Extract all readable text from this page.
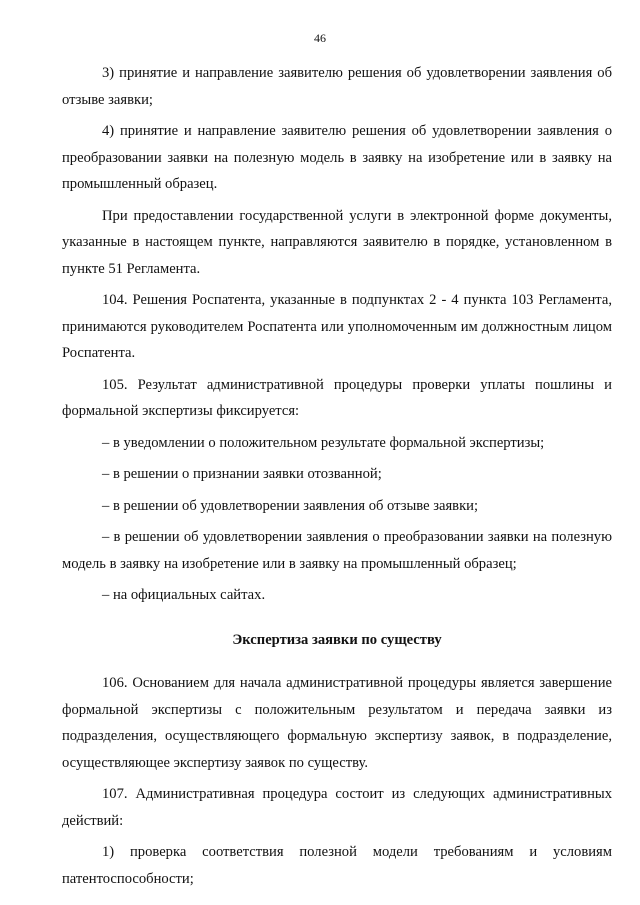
46

3) принятие и направление заявителю решения об удовлетворении заявления об отзыве заявки;

4) принятие и направление заявителю решения об удовлетворении заявления о преобразовании заявки на полезную модель в заявку на изобретение или в заявку на промышленный образец.

При предоставлении государственной услуги в электронной форме документы, указанные в настоящем пункте, направляются заявителю в порядке, установленном в пункте 51 Регламента.

104. Решения Роспатента, указанные в подпунктах 2 - 4 пункта 103 Регламента, принимаются руководителем Роспатента или уполномоченным им должностным лицом Роспатента.

105. Результат административной процедуры проверки уплаты пошлины и формальной экспертизы фиксируется:

– в уведомлении о положительном результате формальной экспертизы;

– в решении о признании заявки отозванной;

– в решении об удовлетворении заявления об отзыве заявки;

– в решении об удовлетворении заявления о преобразовании заявки на полезную модель в заявку на изобретение или в заявку на промышленный образец;

– на официальных сайтах.

Экспертиза заявки по существу

106. Основанием для начала административной процедуры является завершение формальной экспертизы с положительным результатом и передача заявки из подразделения, осуществляющего формальную экспертизу заявок, в подразделение, осуществляющее экспертизу заявок по существу.

107. Административная процедура состоит из следующих административных действий:

1) проверка соответствия полезной модели требованиям и условиям патентоспособности;
